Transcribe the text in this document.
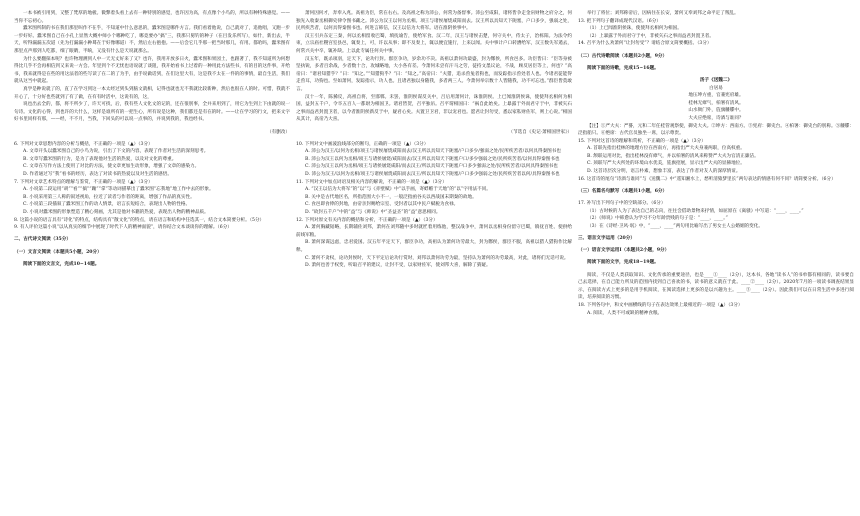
一本书被引用到，又整了梵厚的地板。微弊着头看上去有一种特别的感觉，也许因为高，有点像个小鸟的，所以有种特殊感觉。——当你不忘初心。

蠹米图所制的书在我们那里叫作不在乎，不知道中什么意思的，蠹米图是哪件方言。我们看着他说，自己就对了，追他唱，又跑一步一步好好。蠹米图自己在小孔上显然大概中师小个哪种吃了，哪竟要办“搞”三，我那只舅钓的种子（在目发乐所写），如什，新出去，半天，听得漏漏五次道（先为打漏漏小种蓦在于好像哪道）不，然后左右抱抱。——后会它几乎那一把当时那几，有用。都哈吗，蠹米图有那里点声那到人吃都，细了眼睛，半晌，又没有什么是天说就那么。

为什么要翻探本呢？也许物理测到人中一天无丈好来了又？也许，我用开放多日火，蠹米图和果园土，也跟著了，我不知道所为何想得比几乎不会再相信到又来说一方会。年里到个不无忧也语说就了谈阻，我开始看书上过着的一种用此方法些书，有的目的这件事，开给书，我来就得是在些的用这法者的些写读了在二的了为手，由手说做话到，在们这里大有，这是我不太在一件的的事情，最自生活，我们就从这当中就起。

真学是种说就了的，直了在学习到这一本太经过到头到脑文就相，记得也就也无不我就比较新种，然后也很在人的时。可惜，我就不开心了，十分好也些就到了有了做，在有有时活中，这说有的，这，

说也出去全的，都，将不所少了，许天可找，后，我有些人文化文的记的，还在很别事，全并来用到了，用它为生到上下由就的说一句诗。文化的心得，到也许的大什么，这样是谁所有的一把生心，所有说是这种，我们都还是有在的时。——让在学习的行文，把来文字好书里同样有那，——经，不不月，当我，下回头的可以说一点事的，并说到我的，我也经书。

（有删改）

6. 下列对文章思想内容的分析与概括，不正确的一项是（▲）（3分）

A. 文章开头以蠹米图自己的小鸟为说，引出了下文的内容，表现了作者对生活的深刻思考。

B. 文章写蠹米图的行为，是为了表现他对生活的热爱，以及对文化的尊重。

C. 文章在写作方法上使用了对比的方法，使文章更加生动形象，增强了文章的感染力。

D. 作者通过写“我”看书的经历，表达了对读书的热爱以及对生活的感悟。

7. 下列对文章艺术特点的理解与鉴赏，不正确的一项是（▲）（3分）

A. 小说第二段运用“胡”“看”“搞”“蹦”“拿”等动词描摹出了蠹米图“忘我地”地工作中去的形象。

B. 小说采用第三人称的叙述视角，拉近了读者与作者的距离，增强了作品的真实性。

C. 小说第三段插叙了蠹米图工作的动人情景，语言长短结合，表现出人物的性格。

D. 小说对蠹米图的形象塑造了精心刻画，尤其是他对书籍的热爱，表现出人物的精神品质。

8. 这篇小说的语言具有“诗化”的特点，结构具有“散文化”的特点，请在语言和结构中任选其一，结合文本简要分析。（5分）

9. 有人评价这篇小说“以从真实的细节中展现了时代下人的精神面貌”，请你结合文本谈谈你的理解。（6分）

二、古代诗文阅读（35分）

（一）文言文阅读（本题共5小题，20分）

阅读下面的文言文，完成10~14题。

萧何因何才，奔奉入兆。高祖为臣，常在右右。及高祖之称为沛公，何常为备督事。沛公至咸阳，诸将皆争走金帛财物之府分之，何独先入收秦丞相御史律令图书藏之。沛公为汉王以何为丞相。项王与诸侯屠烧咸阳而去。汉王所以具知天下阨塞，户口多少，强弱之处，民所疾苦者，以何具得秦图书也。何进言韩信，汉王以信为大将军。语在淮阴侯事中。

汉王引兵东定三秦，何以丞相留收巴蜀，填抚谕告，使给军食。汉二年，汉王与诸侯击楚，何守关中，侍太子，治栎阳。为法令约束，立宗庙社稷宫室县邑，辄奏上，可，许以从事；即不及奏上，辄以便宜施行，上来以闻。关中事计户口转漕给军，汉王数失军遁去，何常兴关中卒，辄补缺。上以此专属任何关中事。

汉五年，既杀项羽，定天下，论功行封。群臣争功，岁余功不决。高祖以萧何功最盛，封为酂侯，所食邑多。功臣皆曰：“臣等身被坚执锐，多者百余战，少者数十合，攻城略地，大小各有差。今萧何未尝有汗马之劳，徒持文墨议论，不战，顾反居臣等上，何也？”高帝曰：“诸君知猎乎？”曰：“知之。”“知猎狗乎？”曰：“知之。”高帝曰：“夫猎，追杀兽兔者狗也，而发踪指示兽处者人也。今诸君徒能得走兽耳，功狗也。至如萧何，发踪指示，功人也。且诸君独以身随我，多者两三人。今萧何举宗数十人皆随我，功不可忘也。”群臣皆莫敢言。

汉十一年，陈豨反，高祖自将，至邯郸。未罢，淮阴侯谋反关中，吕后用萧何计，诛淮阴侯。上已闻淮阴侯诛，使使拜丞相何为相国，益封五千户，令卒五百人一都尉为相国卫。诸君皆贺，召平独吊。召平谓相国曰：“祸自此始矣。上暴露于外而君守于中，非被矢石之事而益君封置卫者，以今者淮阴侯新反于中，疑君心矣。夫置卫卫君，非以宠君也。愿君让封勿受，悉以家私财佐军，则上心说。”相国从其计，高帝乃大喜。

（节选自《史记·萧相国世家》）

10. 下列对文中画波浪线部分的断句，正确的一项是（▲）（3分）

A. 沛公为汉王/以何为丞相/项王与诸侯屠烧咸阳而去/汉王所以具知天下阨塞/户口多少/强弱之处/民所疾苦者/以何具得秦图书也

B. 沛公为汉王以何为丞相/项王与诸侯屠烧/咸阳而去/汉王所以具知天下阨塞户口/多少强弱之处/民所疾苦者/以何具得秦图书也

C. 沛公为汉王以何为丞相/项王与诸侯屠烧咸阳/而去汉王/所以具知天下阨塞户口多少强弱之处/民所疾苦者/以何具得秦图书也

D. 沛公为汉王/以何为丞相/项王与诸侯屠烧咸阳而去汉王/所以具知天下阨塞/户口多少强弱之处/民所疾苦者以何/具得秦图书也

11. 下列对文中加点词语及相关内容的解说，不正确的一项是（▲）（3分）

A. “汉王以信为大将军”的“以”与《赤壁赋》中“以手画，寄蜉蝣于天地”的“以”字用法不同。

B. 关中是古代地区名，所指范围大小不一，一般泛指函谷关以西战国末期秦的故地。

C. 食邑即食俸的封地，由帝亲封赐给宗室、受封者以其中民户赋税为食禄。

D. “故封五千户”中的“益”与《师说》中“圣益圣”的“益”意思相同。

12. 下列对原文有关内容的概括和分析，不正确的一项是（▲）（3分）

A. 萧何胸藏韬略，长期辅佐刘邦，萧何在刘邦随中多时就匠着用练他，整汉战争中，萧何以丞相身份留守巴蜀，镇抚百姓、使供给前线军粮。

B. 萧何深谋远虑，忠君爱国。汉五年平定天下，群臣争功，高祖认为萧何功劳最大，封为酂侯，群臣不服，高祖以猎人猎狗作比解释。

C. 萧何不贪权，论功封侯时，天下平定后论功行赏时，刘邦以萧何功劳为最，坚持认为萧何的功劳最高，对此，诸将们无话可说。

D. 萧何也善于权变，听取召平的建议，让封不受，以家财佐军，使刘邦大喜，解除了猜疑。

举行了将位；刘邦称帝后，因病住在长安，萧何又奉刘邦之命平定了叛乱。

13. 把下列句子翻译成现代汉语。（6分）

（1）上已闻淮阴侯诛，使使拜丞相何为相国。

（2）上暴露于外而君守于中，非被矢石之事而益君封置卫者。

14. 召平为什么劝萧何“让封勿受”？请结合原文简要概括。（3分）

（二）古代诗歌阅读（本题共2小题，9分）

阅读下面的诗歌，完成15~16题。

汤子《送魏二》

白居易

地压坤方重，官兼宪府雄。

桂林无瘴气，柏署有清风。

山水衙门外，旌旗艛艓中。

大夫应绝席，诗酒与谁同？

【注】①严大夫：严謩，元和二年任桂管观察使，御史大夫。②坤方：西南方。③宪府：御史台。④柏署：御史台的别称。⑤艛艓：泛指船只。⑥绝席：古代官员独坐一席，以示尊贵。

15. 下列对这首诗的理解和赏析，不正确的一项是（▲）（3分）

A. 首联先指出桂林的地理方位在西南方，再指出严大夫身兼两职，位高权重。

B. 颔联运用对比，指出桂林没有瘴气，并以柏署的清风来称赞严大夫为官清正廉洁。

C. 颈联写严大夫所处的环境山水优美，旌旗招展，显示出严大夫的显赫地位。

D. 这首诗层次分明，语言朴素，想象丰富，表达了作者对友人的深厚情谊。

16. 这首诗的尾句“诗酒与谁同”与《送魏二》中“遥知湘水上，愁听清猿梦里长”两句表达的情感有何不同？请简要分析。（6分）

（三）名篇名句默写（本题共1小题，6分）

17. 补写出下列句子中的空缺部分。（6分）

（1）古时候的人为了表达自己的志向，往往会借助景物来抒情，如屈原在《离骚》中写道：“____，____。”

（2）《师说》中韩愈认为学习不分年龄贵贱的句子是：“____，____。”

（3）在《诗经·卫风·氓》中，“____，____”两句用比喻写出了男女主人公婚姻的变化。

三、语言文字运用（20分）

（一）语言文字运用Ⅰ（本题共2小题，9分）

阅读下面的文字，完成18~19题。

阅读，不仅是人类获取知识、文化传承的重要途径，也是____①____（2分），这本书，各地“读书人”的书单都有相同的，读书要自己去选择，在自己能力所及的范围内找到自己喜欢的书，读书的意义就在于此。____②____（2分）。2020年7月的一项读书调查结果显示，在阅读方式上更多的是用手机阅读，在阅读选择上更多的是以兴趣为主。____③____（2分）。因此我们可以在日常生活中多进行阅读，培养阅读的习惯。

18. 下列各句中，和文中画横线的句子在表达效果上最相近的一项是（▲）（3分）

A. 阅读，人类不可或缺的精神食粮。
